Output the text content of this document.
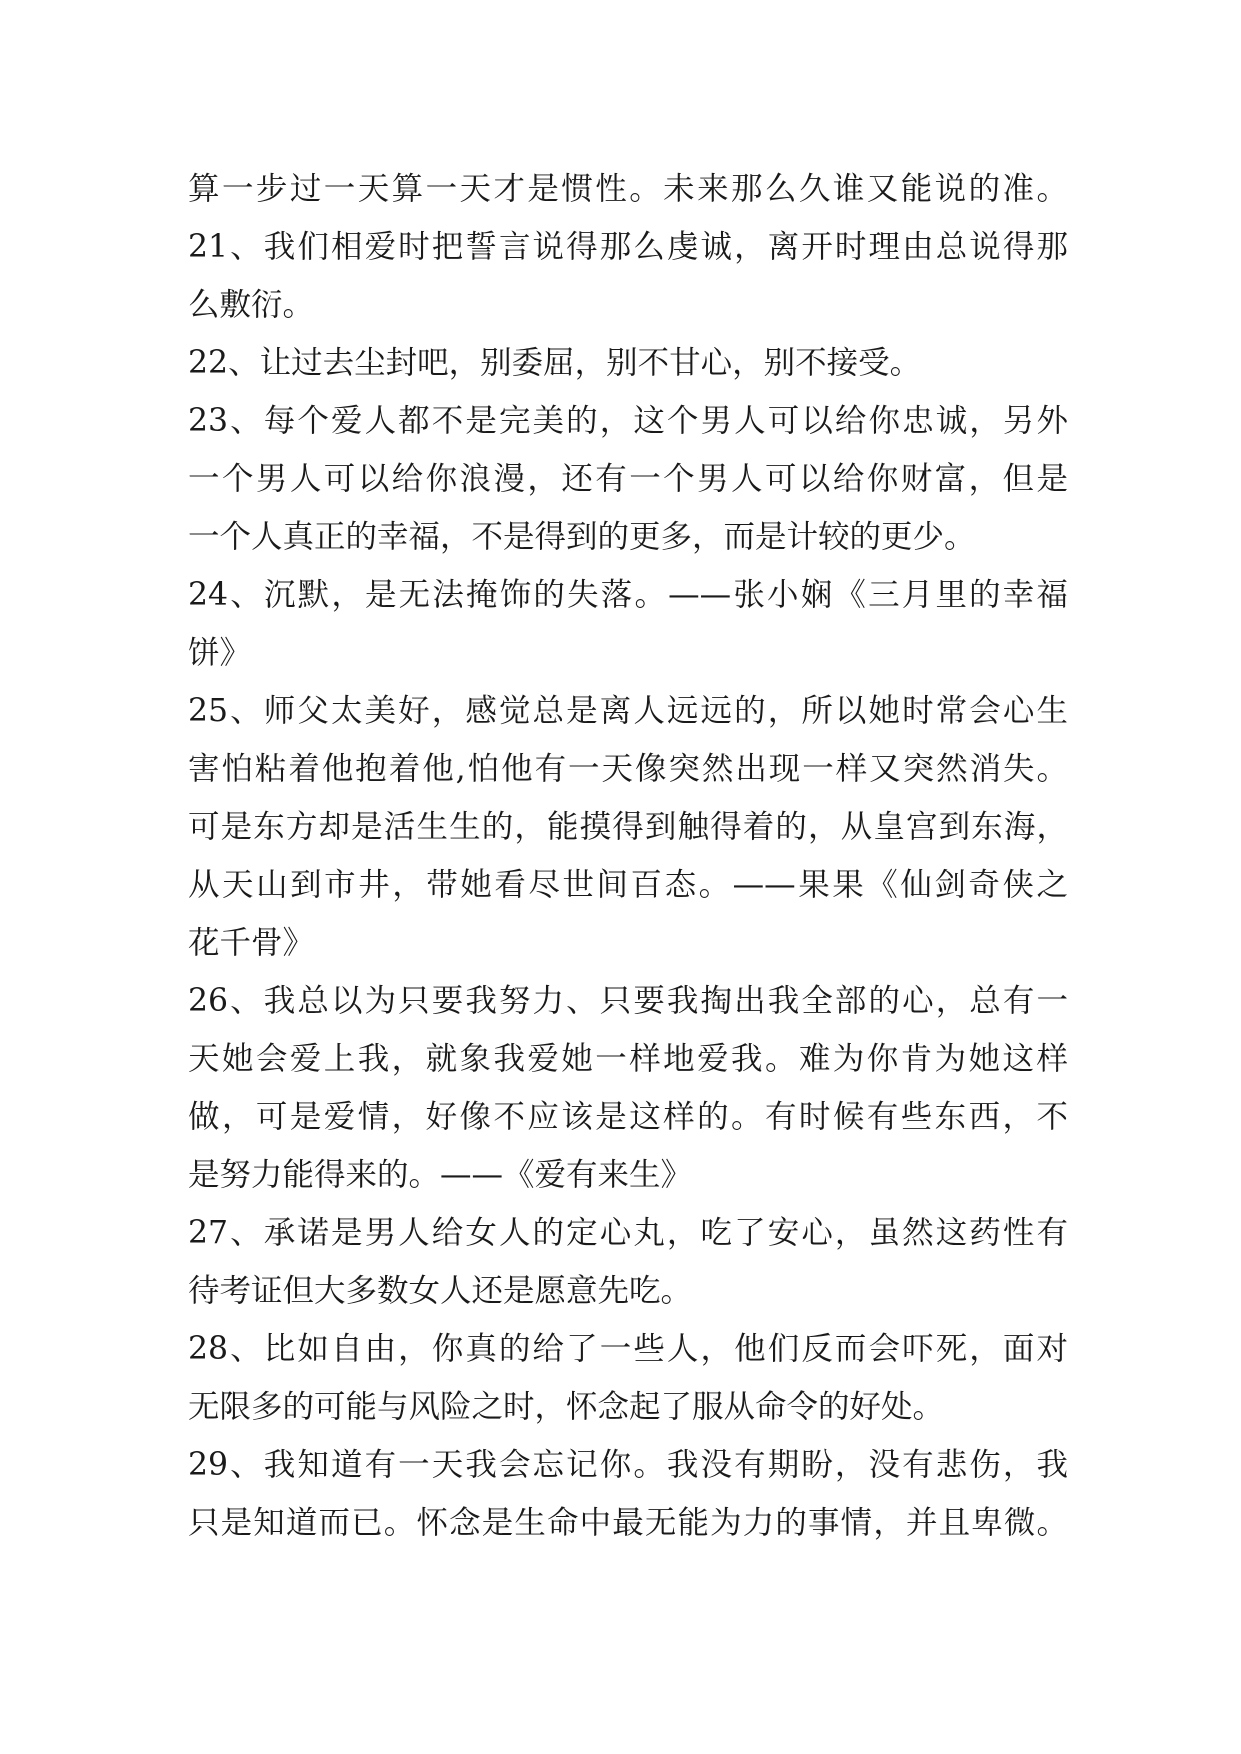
算一步过一天算一天才是惯性。未来那么久谁又能说的准。
21、我们相爱时把誓言说得那么虔诚，离开时理由总说得那
么敷衍。
22、让过去尘封吧，别委屈，别不甘心，别不接受。
23、每个爱人都不是完美的，这个男人可以给你忠诚，另外
一个男人可以给你浪漫，还有一个男人可以给你财富，但是
一个人真正的幸福，不是得到的更多，而是计较的更少。
24、沉默，是无法掩饰的失落。——张小娴《三月里的幸福
饼》
25、师父太美好，感觉总是离人远远的，所以她时常会心生
害怕粘着他抱着他,怕他有一天像突然出现一样又突然消失。
可是东方却是活生生的，能摸得到触得着的，从皇宫到东海，
从天山到市井，带她看尽世间百态。——果果《仙剑奇侠之
花千骨》
26、我总以为只要我努力、只要我掏出我全部的心，总有一
天她会爱上我，就象我爱她一样地爱我。难为你肯为她这样
做，可是爱情，好像不应该是这样的。有时候有些东西，不
是努力能得来的。——《爱有来生》
27、承诺是男人给女人的定心丸，吃了安心，虽然这药性有
待考证但大多数女人还是愿意先吃。
28、比如自由，你真的给了一些人，他们反而会吓死，面对
无限多的可能与风险之时，怀念起了服从命令的好处。
29、我知道有一天我会忘记你。我没有期盼，没有悲伤，我
只是知道而已。怀念是生命中最无能为力的事情，并且卑微。
